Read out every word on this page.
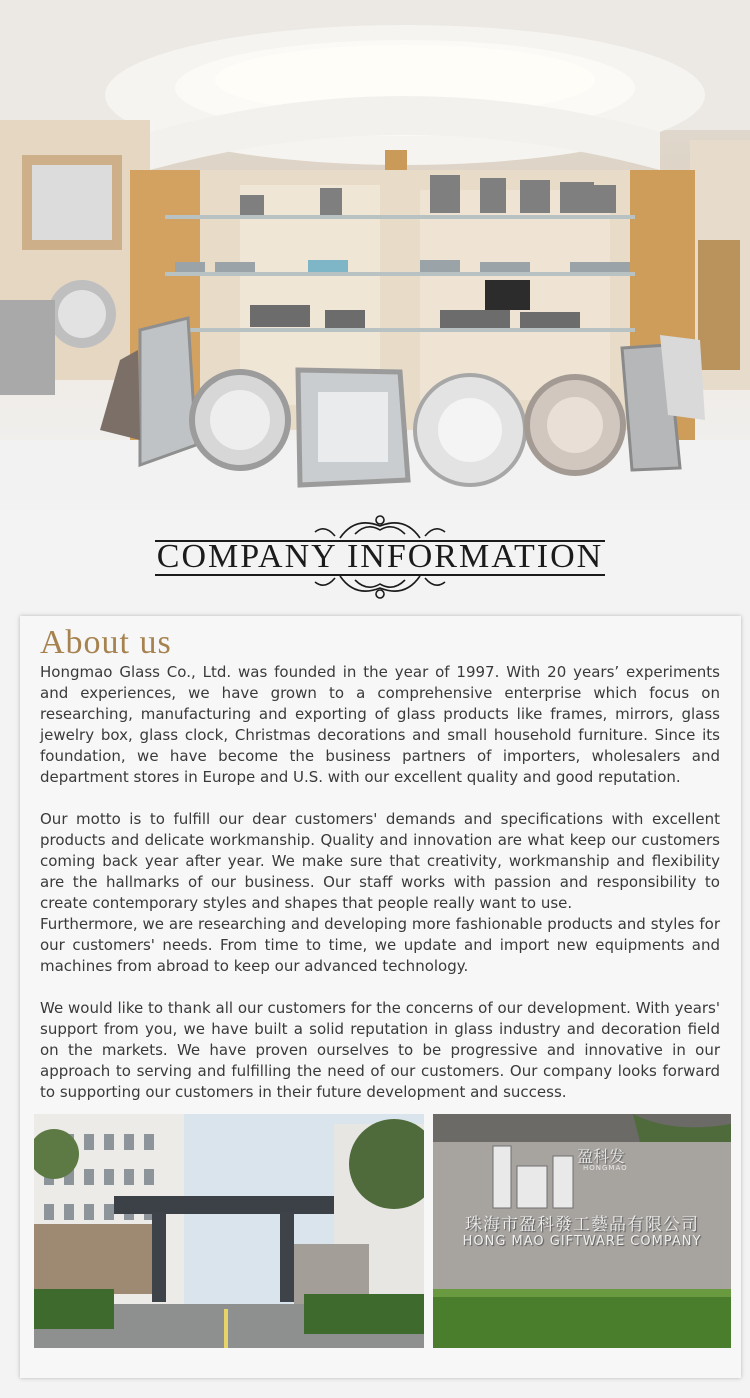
COMPANY INFORMATION
About us

Hongmao Glass Co., Ltd. was founded in the year of 1997. With 20 years’ experiments and experiences, we have grown to a comprehensive enterprise which focus on researching, manufacturing and exporting of glass products like frames, mirrors, glass jewelry box, glass clock, Christmas decorations and small household furniture. Since its foundation, we have become the business partners of importers, wholesalers and department stores in Europe and U.S. with our excellent quality and good reputation.

Our motto is to fulfill our dear customers' demands and specifications with excellent products and delicate workmanship. Quality and innovation are what keep our customers coming back year after year. We make sure that creativity, workmanship and flexibility are the hallmarks of our business. Our staff works with passion and responsibility to create contemporary styles and shapes that people really want to use.

Furthermore, we are researching and developing more fashionable products and styles for our customers' needs. From time to time, we update and import new equipments and machines from abroad to keep our advanced technology.

We would like to thank all our customers for the concerns of our development. With years' support from you, we have built a solid reputation in glass industry and decoration field on the markets. We have proven ourselves to be progressive and innovative in our approach to serving and fulfilling the need of our customers. Our company looks forward to supporting our customers in their future development and success.

盈科发
HONGMAO
珠海市盈科發工藝品有限公司
HONG MAO GIFTWARE COMPANY
